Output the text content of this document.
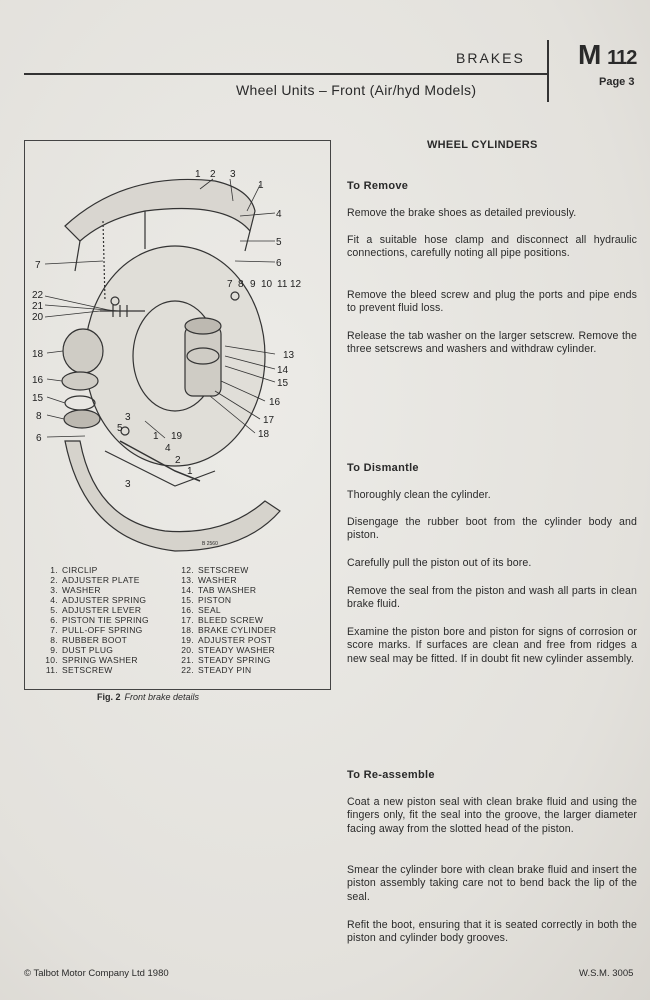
BRAKES M 112
Page 3
Wheel Units – Front (Air/hyd Models)
1 2 3
1
4
5
6
7
7 8 9 10 11 12
22
21
20
13
14
15
16
17
18
18
16
15
8
6
5
3
1 19
4
2
3
1
B 2560
1. CIRCLIP
2. ADJUSTER PLATE
3. WASHER
4. ADJUSTER SPRING
5. ADJUSTER LEVER
6. PISTON TIE SPRING
7. PULL-OFF SPRING
8. RUBBER BOOT
9. DUST PLUG
10. SPRING WASHER
11. SETSCREW
12. SETSCREW
13. WASHER
14. TAB WASHER
15. PISTON
16. SEAL
17. BLEED SCREW
18. BRAKE CYLINDER
19. ADJUSTER POST
20. STEADY WASHER
21. STEADY SPRING
22. STEADY PIN
Fig. 2 Front brake details
WHEEL CYLINDERS
To Remove
Remove the brake shoes as detailed previously.
Fit a suitable hose clamp and disconnect all hydraulic connections, carefully noting all pipe positions.
Remove the bleed screw and plug the ports and pipe ends to prevent fluid loss.
Release the tab washer on the larger setscrew. Remove the three setscrews and washers and withdraw cylinder.
To Dismantle
Thoroughly clean the cylinder.
Disengage the rubber boot from the cylinder body and piston.
Carefully pull the piston out of its bore.
Remove the seal from the piston and wash all parts in clean brake fluid.
Examine the piston bore and piston for signs of corrosion or score marks. If surfaces are clean and free from ridges a new seal may be fitted. If in doubt fit new cylinder assembly.
To Re-assemble
Coat a new piston seal with clean brake fluid and using the fingers only, fit the seal into the groove, the larger diameter facing away from the slotted head of the piston.
Smear the cylinder bore with clean brake fluid and insert the piston assembly taking care not to bend back the lip of the seal.
Refit the boot, ensuring that it is seated correctly in both the piston and cylinder body grooves.
© Talbot Motor Company Ltd 1980	W.S.M. 3005
